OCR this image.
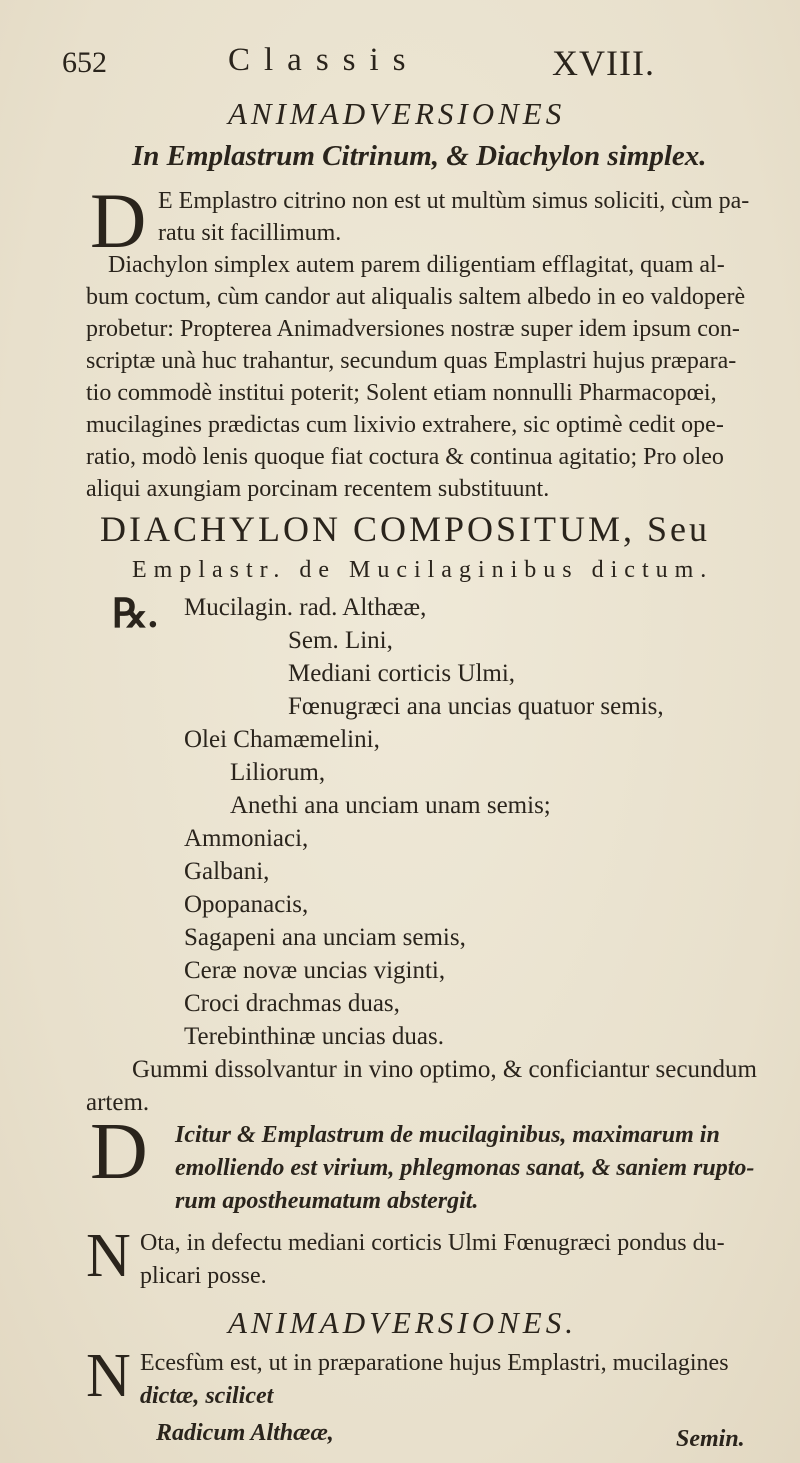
652	Classis	XVIII.
ANIMADVERSIONES
In Emplastrum Citrinum, & Diachylon simplex.
D E Emplastro citrino non est ut multùm simus soliciti, cùm pa-
ratu sit facillimum.
Diachylon simplex autem parem diligentiam efflagitat, quam al-
bum coctum, cùm candor aut aliqualis saltem albedo in eo valdoperè
probetur: Propterea Animadversiones nostræ super idem ipsum con-
scriptæ unà huc trahantur, secundum quas Emplastri hujus præpara-
tio commodè institui poterit; Solent etiam nonnulli Pharmacopœi,
mucilagines prædictas cum lixivio extrahere, sic optimè cedit ope-
ratio, modò lenis quoque fiat coctura & continua agitatio; Pro oleo
aliqui axungiam porcinam recentem substituunt.
DIACHYLON COMPOSITUM, Seu
Emplastr. de Mucilaginibus dictum.
℞. Mucilagin. rad. Althææ,
Sem. Lini,
Mediani corticis Ulmi,
Fœnugræci ana uncias quatuor semis,
Olei Chamæmelini,
Liliorum,
Anethi ana unciam unam semis;
Ammoniaci,
Galbani,
Opopanacis,
Sagapeni ana unciam semis,
Ceræ novæ uncias viginti,
Croci drachmas duas,
Terebinthinæ uncias duas.
Gummi dissolvantur in vino optimo, & conficiantur secundum
artem.
D Icitur & Emplastrum de mucilaginibus, maximarum in
emolliendo est virium, phlegmonas sanat, & saniem rupto-
rum apostheumatum abstergit.
N Ota, in defectu mediani corticis Ulmi Fœnugræci pondus du-
plicari posse.
ANIMADVERSIONES.
N Ecesfùm est, ut in præparatione hujus Emplastri, mucilagines
dictæ, scilicet
Radicum Althææ,	Semin.
